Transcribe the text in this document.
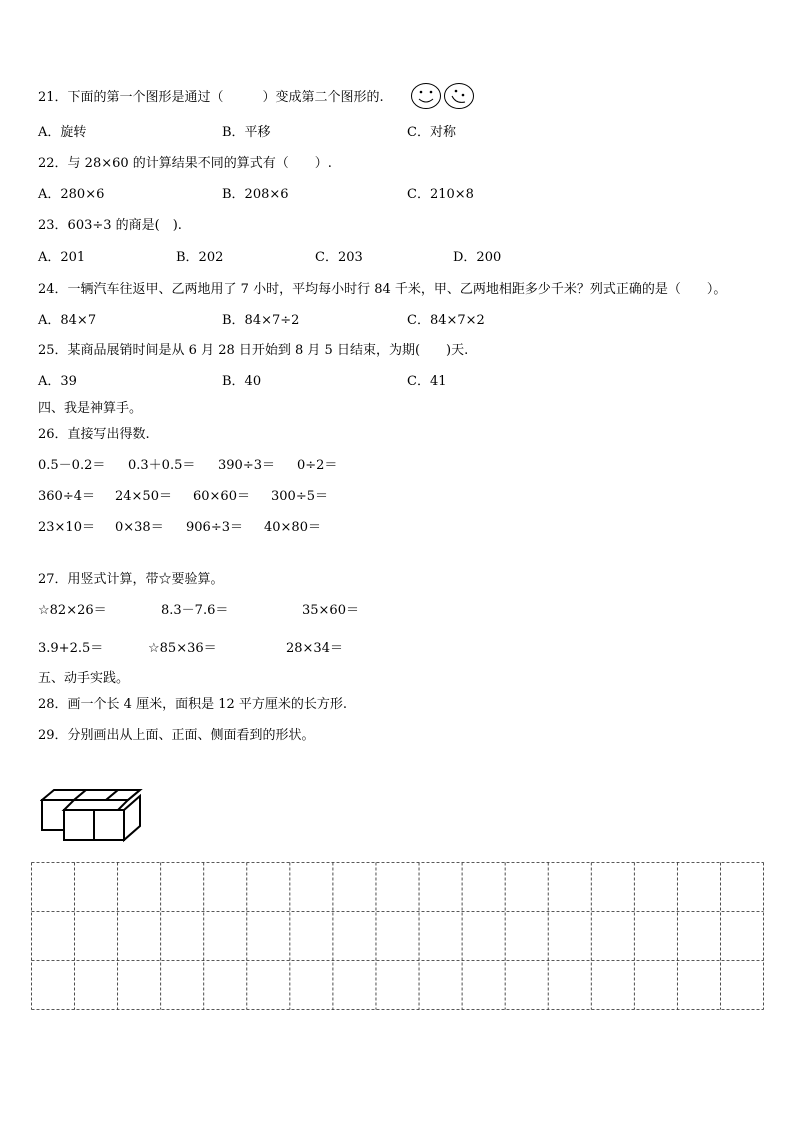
21．下面的第一个图形是通过（　　　）变成第二个图形的.
A．旋转	B．平移	C．对称
22．与 28×60 的计算结果不同的算式有（　　）.
A．280×6	B．208×6	C．210×8
23．603÷3 的商是(　).
A．201	B．202	C．203	D．200
24．一辆汽车往返甲、乙两地用了 7 小时，平均每小时行 84 千米，甲、乙两地相距多少千米？列式正确的是（　　）。
A．84×7	B．84×7÷2	C．84×7×2
25．某商品展销时间是从 6 月 28 日开始到 8 月 5 日结束，为期(　　)天.
A．39	B．40	C．41
四、我是神算手。
26．直接写出得数.
0.5－0.2＝ 0.3＋0.5＝ 390÷3＝ 0÷2＝
360÷4＝ 24×50＝ 60×60＝ 300÷5＝
23×10＝ 0×38＝ 906÷3＝ 40×80＝
27．用竖式计算，带☆要验算。
☆82×26＝	8.3－7.6＝	35×60＝
3.9+2.5＝	☆85×36＝	28×34＝
五、动手实践。
28．画一个长 4 厘米，面积是 12 平方厘米的长方形.
29．分别画出从上面、正面、侧面看到的形状。
